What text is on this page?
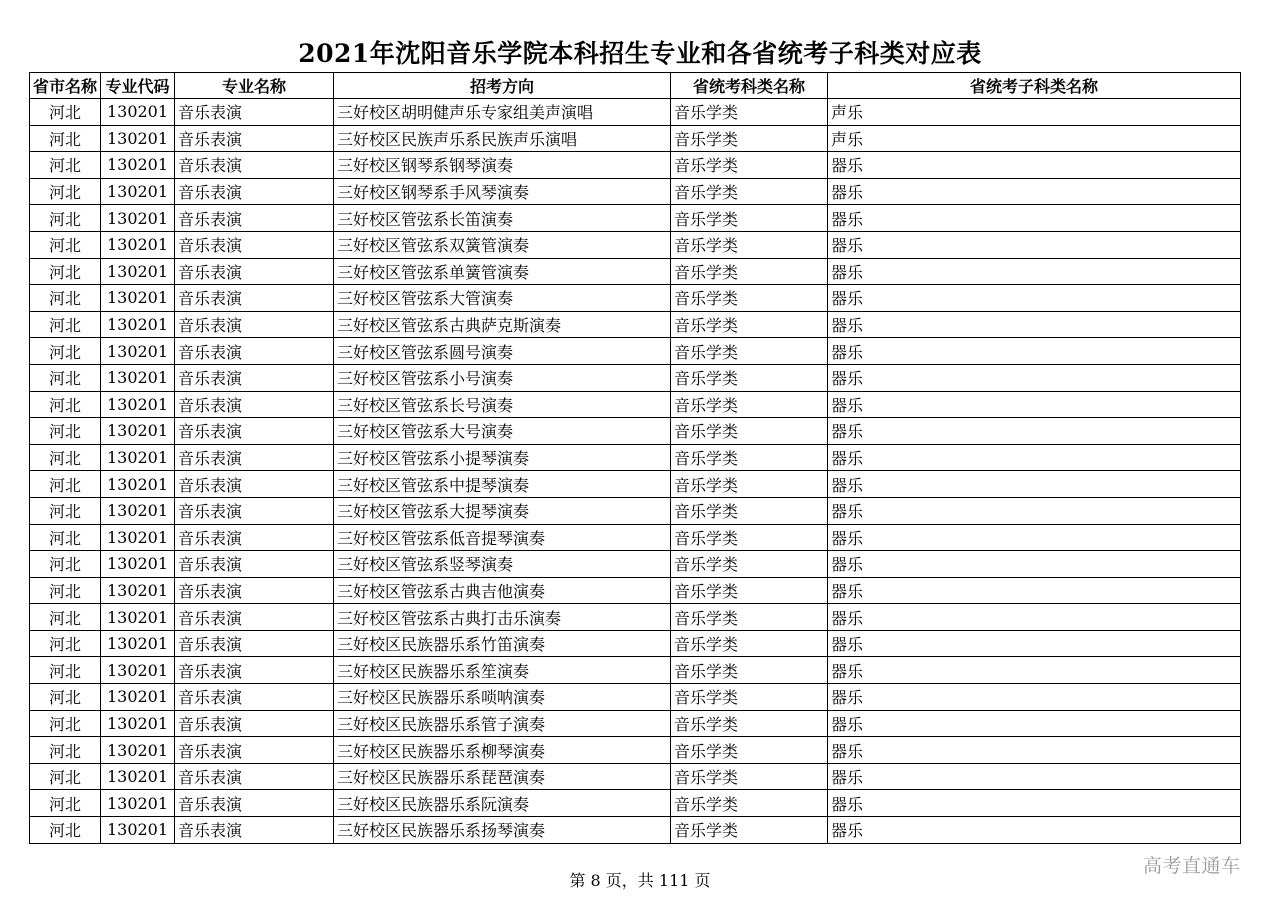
2021年沈阳音乐学院本科招生专业和各省统考子科类对应表
省市名称	专业代码	专业名称	招考方向	省统考科类名称	省统考子科类名称
河北	130201	音乐表演	三好校区胡明健声乐专家组美声演唱	音乐学类	声乐
河北	130201	音乐表演	三好校区民族声乐系民族声乐演唱	音乐学类	声乐
河北	130201	音乐表演	三好校区钢琴系钢琴演奏	音乐学类	器乐
河北	130201	音乐表演	三好校区钢琴系手风琴演奏	音乐学类	器乐
河北	130201	音乐表演	三好校区管弦系长笛演奏	音乐学类	器乐
河北	130201	音乐表演	三好校区管弦系双簧管演奏	音乐学类	器乐
河北	130201	音乐表演	三好校区管弦系单簧管演奏	音乐学类	器乐
河北	130201	音乐表演	三好校区管弦系大管演奏	音乐学类	器乐
河北	130201	音乐表演	三好校区管弦系古典萨克斯演奏	音乐学类	器乐
河北	130201	音乐表演	三好校区管弦系圆号演奏	音乐学类	器乐
河北	130201	音乐表演	三好校区管弦系小号演奏	音乐学类	器乐
河北	130201	音乐表演	三好校区管弦系长号演奏	音乐学类	器乐
河北	130201	音乐表演	三好校区管弦系大号演奏	音乐学类	器乐
河北	130201	音乐表演	三好校区管弦系小提琴演奏	音乐学类	器乐
河北	130201	音乐表演	三好校区管弦系中提琴演奏	音乐学类	器乐
河北	130201	音乐表演	三好校区管弦系大提琴演奏	音乐学类	器乐
河北	130201	音乐表演	三好校区管弦系低音提琴演奏	音乐学类	器乐
河北	130201	音乐表演	三好校区管弦系竖琴演奏	音乐学类	器乐
河北	130201	音乐表演	三好校区管弦系古典吉他演奏	音乐学类	器乐
河北	130201	音乐表演	三好校区管弦系古典打击乐演奏	音乐学类	器乐
河北	130201	音乐表演	三好校区民族器乐系竹笛演奏	音乐学类	器乐
河北	130201	音乐表演	三好校区民族器乐系笙演奏	音乐学类	器乐
河北	130201	音乐表演	三好校区民族器乐系唢呐演奏	音乐学类	器乐
河北	130201	音乐表演	三好校区民族器乐系管子演奏	音乐学类	器乐
河北	130201	音乐表演	三好校区民族器乐系柳琴演奏	音乐学类	器乐
河北	130201	音乐表演	三好校区民族器乐系琵琶演奏	音乐学类	器乐
河北	130201	音乐表演	三好校区民族器乐系阮演奏	音乐学类	器乐
河北	130201	音乐表演	三好校区民族器乐系扬琴演奏	音乐学类	器乐
第 8 页，共 111 页
高考直通车
